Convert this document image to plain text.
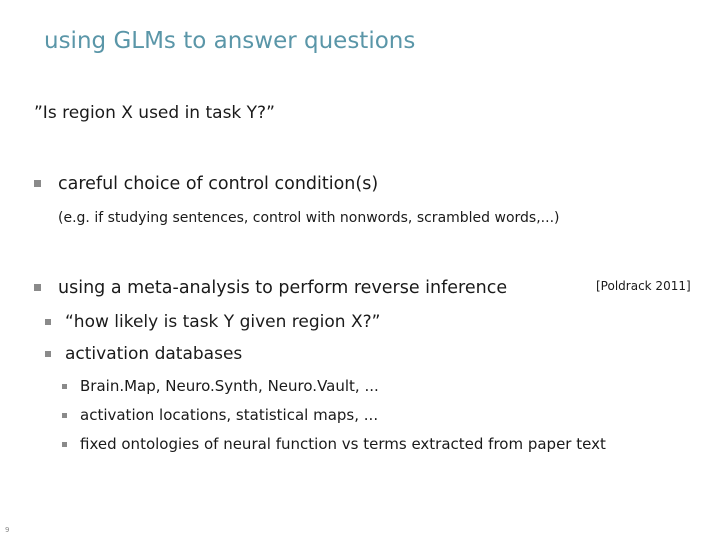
using GLMs to answer questions
”Is region X used in task Y?”
careful choice of control condition(s)
(e.g. if studying sentences, control with nonwords, scrambled words,...)
using a meta-analysis to perform reverse inference	[Poldrack 2011]
“how likely is task Y given region X?”
activation databases
Brain.Map, Neuro.Synth, Neuro.Vault, ...
activation locations, statistical maps, ...
fixed ontologies of neural function vs terms extracted from paper text
9
